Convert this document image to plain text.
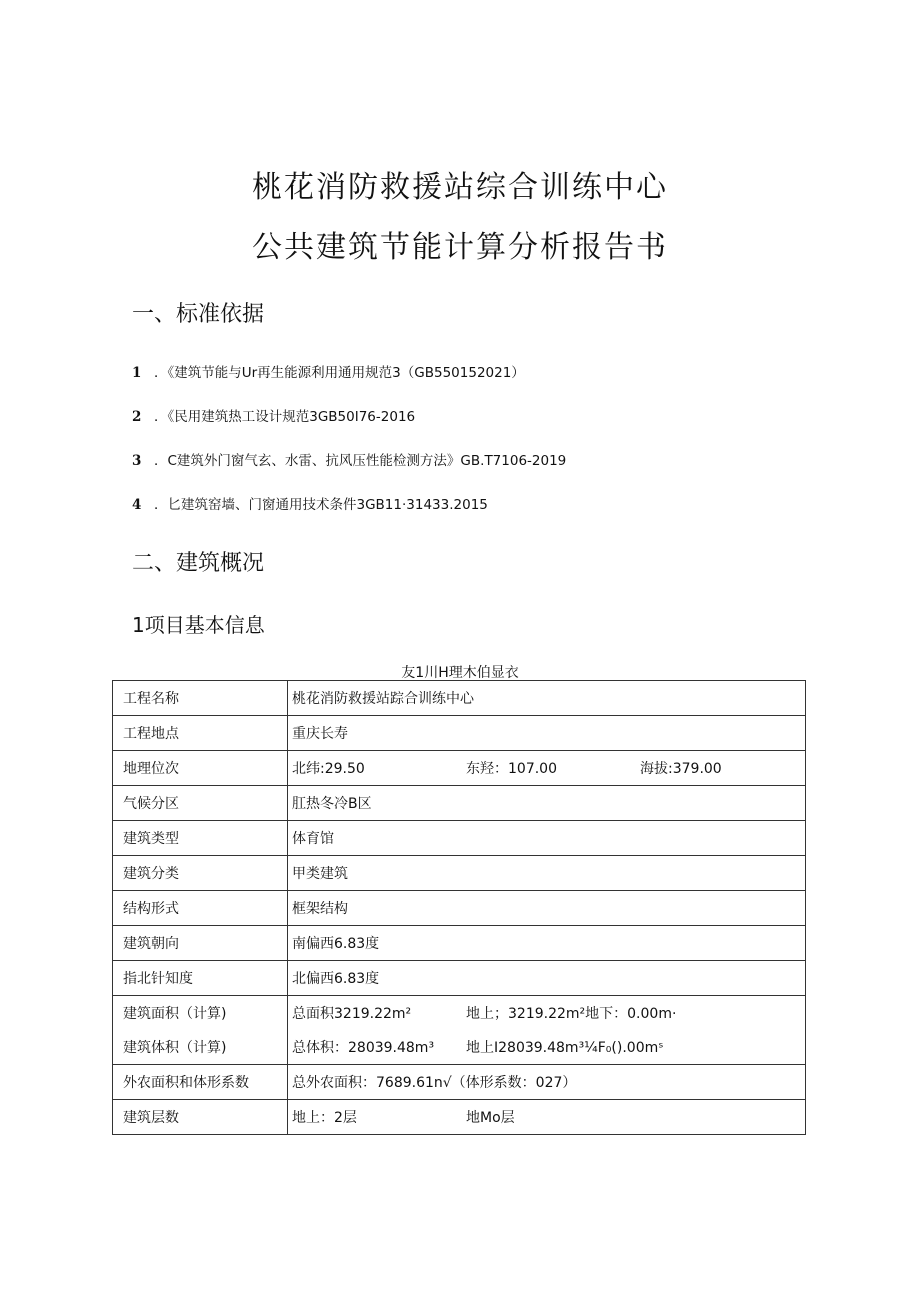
桃花消防救援站综合训练中心
公共建筑节能计算分析报告书
一、标准依据
1 ．《建筑节能与Ur再生能源利用通用规范3（GB550152021）
2 ．《民用建筑热工设计规范3GB50I76-2016
3 ．C建筑外门窗气玄、水雷、抗风压性能检测方法》GB.T7106-2019
4 ．匕建筑窑墙、门窗通用技术条件3GB11·31433.2015
二、建筑概况
1项目基本信息
友1川H理木伯显衣
工程名称	桃花消防救援站踪合训练中心
工程地点	重庆长寿
地理位次	北纬:29.50 东羟：107.00 海拔:379.00
气候分区	肛热冬冷B区
建筑类型	体育馆
建筑分类	甲类建筑
结构形式	框架结构
建筑朝向	南偏西6.83度
指北针知度	北偏西6.83度
建筑面积（计算)	总面积3219.22m² 地上；3219.22m²地下：0.00m·
建筑体积（计算)	总体积：28039.48m³ 地上I28039.48m³¼F₀().00mˢ
外农面积和体形系数	总外农面积：7689.61n√（体形系数：027）
建筑层数	地上：2层 地Mo层
